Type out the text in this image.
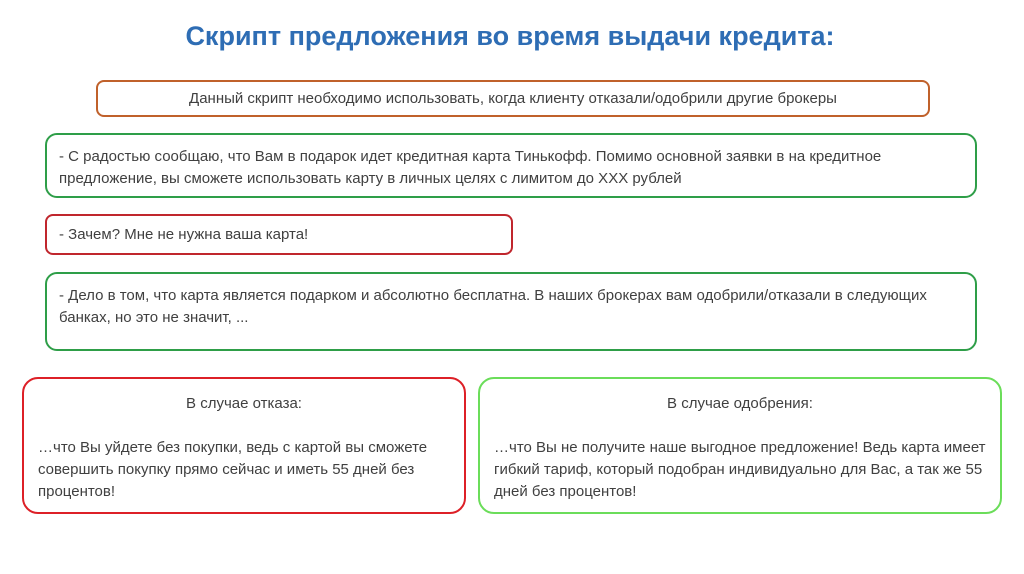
Скрипт предложения во время выдачи кредита:
Данный скрипт необходимо использовать, когда клиенту отказали/одобрили другие брокеры
- С радостью сообщаю, что Вам в подарок идет кредитная карта Тинькофф. Помимо основной заявки в на кредитное предложение, вы сможете использовать карту в личных целях с лимитом до XXX рублей
- Зачем? Мне не нужна ваша карта!
- Дело в том, что карта является подарком и абсолютно бесплатна. В наших брокерах вам одобрили/отказали в следующих банках, но это не значит, ...
В случае отказа:
…что Вы уйдете без покупки, ведь с картой вы сможете совершить покупку прямо сейчас и иметь 55 дней без процентов!
В случае одобрения:
…что Вы не получите наше выгодное предложение! Ведь карта имеет гибкий тариф, который подобран индивидуально для Вас, а так же 55 дней без процентов!
